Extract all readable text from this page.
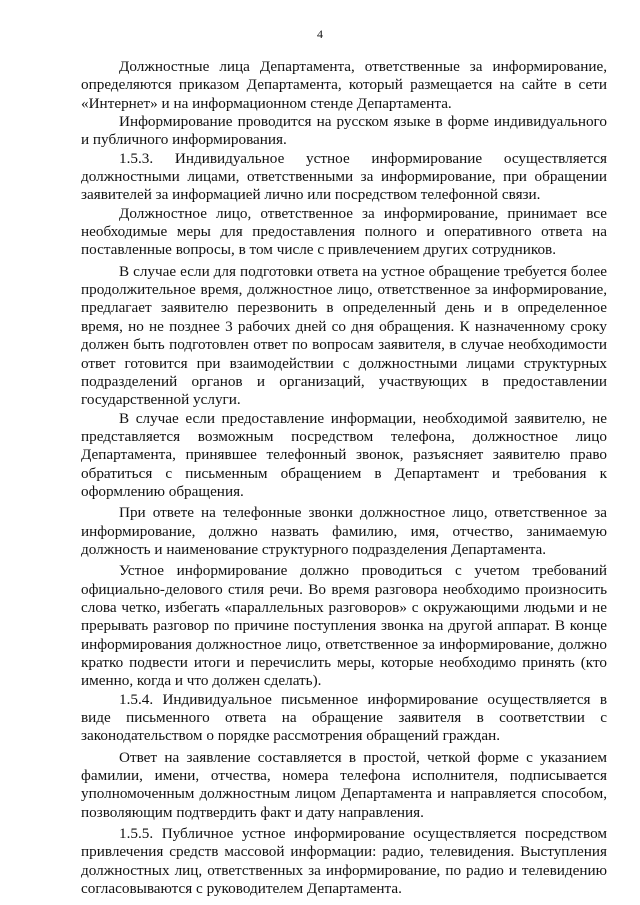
4

Должностные лица Департамента, ответственные за информирование, определяются приказом Департамента, который размещается на сайте в сети «Интернет» и на информационном стенде Департамента.

Информирование проводится на русском языке в форме индивидуального и публичного информирования.

1.5.3. Индивидуальное устное информирование осуществляется должностными лицами, ответственными за информирование, при обращении заявителей за информацией лично или посредством телефонной связи.

Должностное лицо, ответственное за информирование, принимает все необходимые меры для предоставления полного и оперативного ответа на поставленные вопросы, в том числе с привлечением других сотрудников.

В случае если для подготовки ответа на устное обращение требуется более продолжительное время, должностное лицо, ответственное за информирование, предлагает заявителю перезвонить в определенный день и в определенное время, но не позднее 3 рабочих дней со дня обращения. К назначенному сроку должен быть подготовлен ответ по вопросам заявителя, в случае необходимости ответ готовится при взаимодействии с должностными лицами структурных подразделений органов и организаций, участвующих в предоставлении государственной услуги.

В случае если предоставление информации, необходимой заявителю, не представляется возможным посредством телефона, должностное лицо Департамента, принявшее телефонный звонок, разъясняет заявителю право обратиться с письменным обращением в Департамент и требования к оформлению обращения.

При ответе на телефонные звонки должностное лицо, ответственное за информирование, должно назвать фамилию, имя, отчество, занимаемую должность и наименование структурного подразделения Департамента.

Устное информирование должно проводиться с учетом требований официально-делового стиля речи. Во время разговора необходимо произносить слова четко, избегать «параллельных разговоров» с окружающими людьми и не прерывать разговор по причине поступления звонка на другой аппарат. В конце информирования должностное лицо, ответственное за информирование, должно кратко подвести итоги и перечислить меры, которые необходимо принять (кто именно, когда и что должен сделать).

1.5.4. Индивидуальное письменное информирование осуществляется в виде письменного ответа на обращение заявителя в соответствии с законодательством о порядке рассмотрения обращений граждан.

Ответ на заявление составляется в простой, четкой форме с указанием фамилии, имени, отчества, номера телефона исполнителя, подписывается уполномоченным должностным лицом Департамента и направляется способом, позволяющим подтвердить факт и дату направления.

1.5.5. Публичное устное информирование осуществляется посредством привлечения средств массовой информации: радио, телевидения. Выступления должностных лиц, ответственных за информирование, по радио и телевидению согласовываются с руководителем Департамента.
